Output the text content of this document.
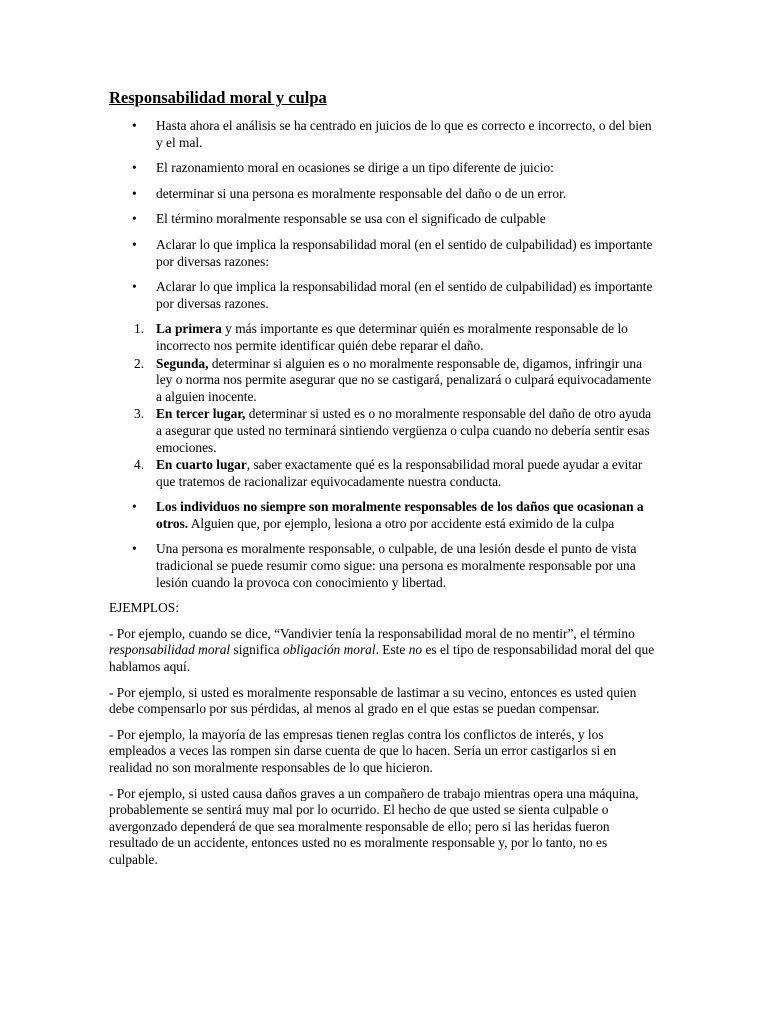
Responsabilidad moral y culpa
• Hasta ahora el análisis se ha centrado en juicios de lo que es correcto e incorrecto, o del bien y el mal.
• El razonamiento moral en ocasiones se dirige a un tipo diferente de juicio:
• determinar si una persona es moralmente responsable del daño o de un error.
• El término moralmente responsable se usa con el significado de culpable
• Aclarar lo que implica la responsabilidad moral (en el sentido de culpabilidad) es importante por diversas razones:
• Aclarar lo que implica la responsabilidad moral (en el sentido de culpabilidad) es importante por diversas razones.
1. La primera y más importante es que determinar quién es moralmente responsable de lo incorrecto nos permite identificar quién debe reparar el daño.
2. Segunda, determinar si alguien es o no moralmente responsable de, digamos, infringir una ley o norma nos permite asegurar que no se castigará, penalizará o culpará equivocadamente a alguien inocente.
3. En tercer lugar, determinar si usted es o no moralmente responsable del daño de otro ayuda a asegurar que usted no terminará sintiendo vergüenza o culpa cuando no debería sentir esas emociones.
4. En cuarto lugar, saber exactamente qué es la responsabilidad moral puede ayudar a evitar que tratemos de racionalizar equivocadamente nuestra conducta.
• Los individuos no siempre son moralmente responsables de los daños que ocasionan a otros. Alguien que, por ejemplo, lesiona a otro por accidente está eximido de la culpa
• Una persona es moralmente responsable, o culpable, de una lesión desde el punto de vista tradicional se puede resumir como sigue: una persona es moralmente responsable por una lesión cuando la provoca con conocimiento y libertad.

EJEMPLOS:

- Por ejemplo, cuando se dice, “Vandivier tenía la responsabilidad moral de no mentir”, el término responsabilidad moral significa obligación moral. Este no es el tipo de responsabilidad moral del que hablamos aquí.

- Por ejemplo, si usted es moralmente responsable de lastimar a su vecino, entonces es usted quien debe compensarlo por sus pérdidas, al menos al grado en el que estas se puedan compensar.

- Por ejemplo, la mayoría de las empresas tienen reglas contra los conflictos de interés, y los empleados a veces las rompen sin darse cuenta de que lo hacen. Sería un error castigarlos si en realidad no son moralmente responsables de lo que hicieron.

- Por ejemplo, si usted causa daños graves a un compañero de trabajo mientras opera una máquina, probablemente se sentirá muy mal por lo ocurrido. El hecho de que usted se sienta culpable o avergonzado dependerá de que sea moralmente responsable de ello; pero si las heridas fueron resultado de un accidente, entonces usted no es moralmente responsable y, por lo tanto, no es culpable.
